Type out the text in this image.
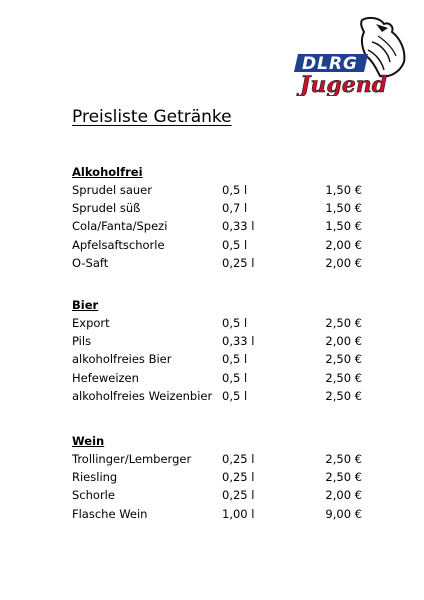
DLRG
Jugend
Preisliste Getränke
Alkoholfrei
Sprudel sauer	0,5 l	1,50 €
Sprudel süß	0,7 l	1,50 €
Cola/Fanta/Spezi	0,33 l	1,50 €
Apfelsaftschorle	0,5 l	2,00 €
O-Saft	0,25 l	2,00 €
Bier
Export	0,5 l	2,50 €
Pils	0,33 l	2,00 €
alkoholfreies Bier	0,5 l	2,50 €
Hefeweizen	0,5 l	2,50 €
alkoholfreies Weizenbier 0,5 l	2,50 €
Wein
Trollinger/Lemberger	0,25 l	2,50 €
Riesling	0,25 l	2,50 €
Schorle	0,25 l	2,00 €
Flasche Wein	1,00 l	9,00 €
